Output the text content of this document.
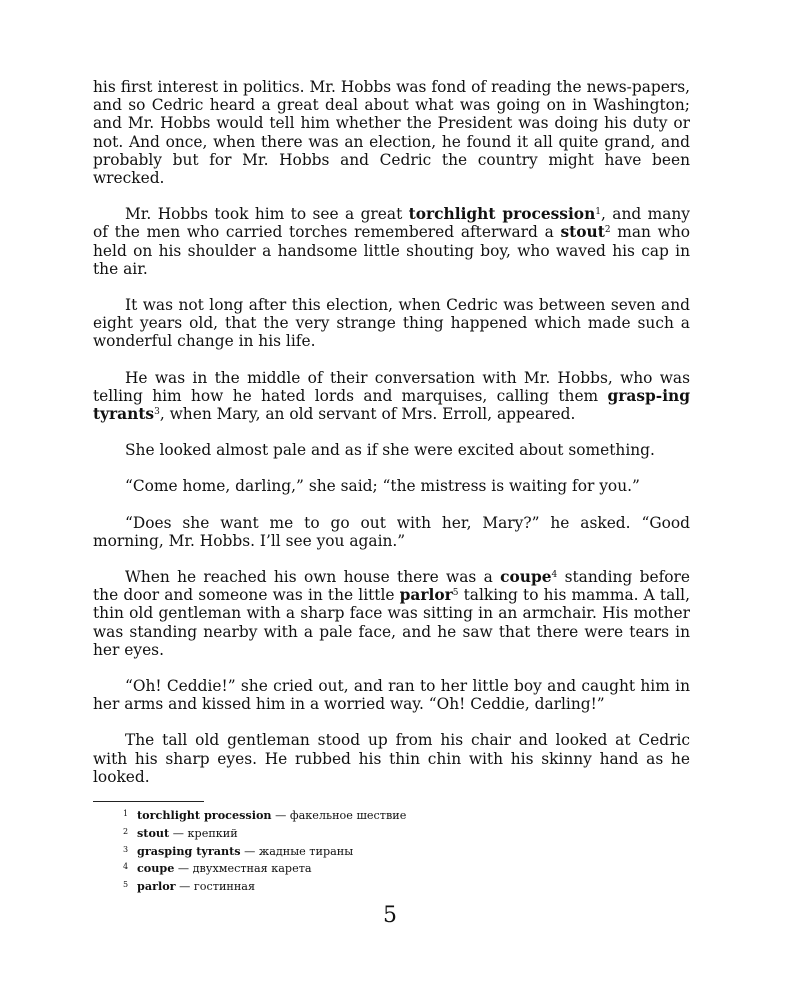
his first interest in politics. Mr. Hobbs was fond of reading the news-papers, and so Cedric heard a great deal about what was going on in Washington; and Mr. Hobbs would tell him whether the President was doing his duty or not. And once, when there was an election, he found it all quite grand, and probably but for Mr. Hobbs and Cedric the country might have been wrecked.

Mr. Hobbs took him to see a great torchlight procession$^1$, and many of the men who carried torches remembered afterward a stout$^2$ man who held on his shoulder a handsome little shouting boy, who waved his cap in the air.

It was not long after this election, when Cedric was between seven and eight years old, that the very strange thing happened which made such a wonderful change in his life.

He was in the middle of their conversation with Mr. Hobbs, who was telling him how he hated lords and marquises, calling them grasp-ing tyrants$^3$, when Mary, an old servant of Mrs. Erroll, appeared.

She looked almost pale and as if she were excited about something.

“Come home, darling,” she said; “the mistress is waiting for you.”

“Does she want me to go out with her, Mary?” he asked. “Good morning, Mr. Hobbs. I’ll see you again.”

When he reached his own house there was a coupe$^4$ standing before the door and someone was in the little parlor$^5$ talking to his mamma. A tall, thin old gentleman with a sharp face was sitting in an armchair. His mother was standing nearby with a pale face, and he saw that there were tears in her eyes.

“Oh! Ceddie!” she cried out, and ran to her little boy and caught him in her arms and kissed him in a worried way. “Oh! Ceddie, darling!”

The tall old gentleman stood up from his chair and looked at Cedric with his sharp eyes. He rubbed his thin chin with his skinny hand as he looked.

1 torchlight procession — факельное шествие
2 stout — крепкий
3 grasping tyrants — жадные тираны
4 coupe — двухместная карета
5 parlor — гостинная
5
